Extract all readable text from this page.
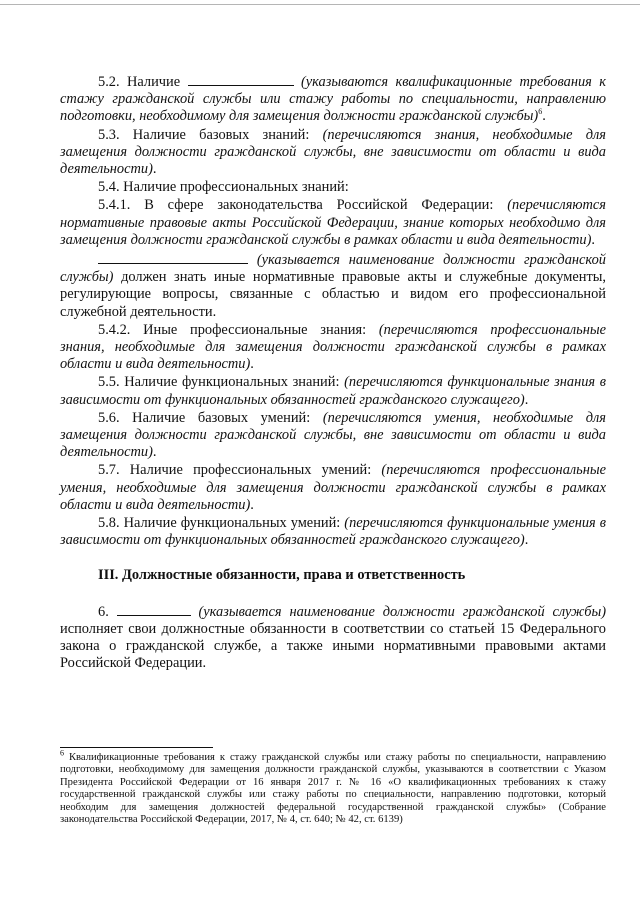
5.2. Наличие	(указываются квалификационные требования к стажу гражданской службы или стажу работы по специальности, направлению подготовки, необходимому для замещения должности гражданской службы)$^6$.

5.3. Наличие базовых знаний: (перечисляются знания, необходимые для замещения должности гражданской службы, вне зависимости от области и вида деятельности).

5.4. Наличие профессиональных знаний:

5.4.1. В сфере законодательства Российской Федерации: (перечисляются нормативные правовые акты Российской Федерации, знание которых необходимо для замещения должности гражданской службы в рамках области и вида деятельности).

(указывается наименование должности гражданской службы) должен знать иные нормативные правовые акты и служебные документы, регулирующие вопросы, связанные с областью и видом его профессиональной служебной деятельности.

5.4.2. Иные профессиональные знания: (перечисляются профессиональные знания, необходимые для замещения должности гражданской службы в рамках области и вида деятельности).

5.5. Наличие функциональных знаний: (перечисляются функциональные знания в зависимости от функциональных обязанностей гражданского служащего).

5.6. Наличие базовых умений: (перечисляются умения, необходимые для замещения должности гражданской службы, вне зависимости от области и вида деятельности).

5.7. Наличие профессиональных умений: (перечисляются профессиональные умения, необходимые для замещения должности гражданской службы в рамках области и вида деятельности).

5.8. Наличие функциональных умений: (перечисляются функциональные умения в зависимости от функциональных обязанностей гражданского служащего).

III. Должностные обязанности, права и ответственность

6.	(указывается наименование должности гражданской службы) исполняет свои должностные обязанности в соответствии со статьей 15 Федерального закона о гражданской службе, а также иными нормативными правовыми актами Российской Федерации.

$^6$ Квалификационные требования к стажу гражданской службы или стажу работы по специальности, направлению подготовки, необходимому для замещения должности гражданской службы, указываются в соответствии с Указом Президента Российской Федерации от 16 января 2017 г. № 16 «О квалификационных требованиях к стажу государственной гражданской службы или стажу работы по специальности, направлению подготовки, который необходим для замещения должностей федеральной государственной гражданской службы» (Собрание законодательства Российской Федерации, 2017, № 4, ст. 640; № 42, ст. 6139)
